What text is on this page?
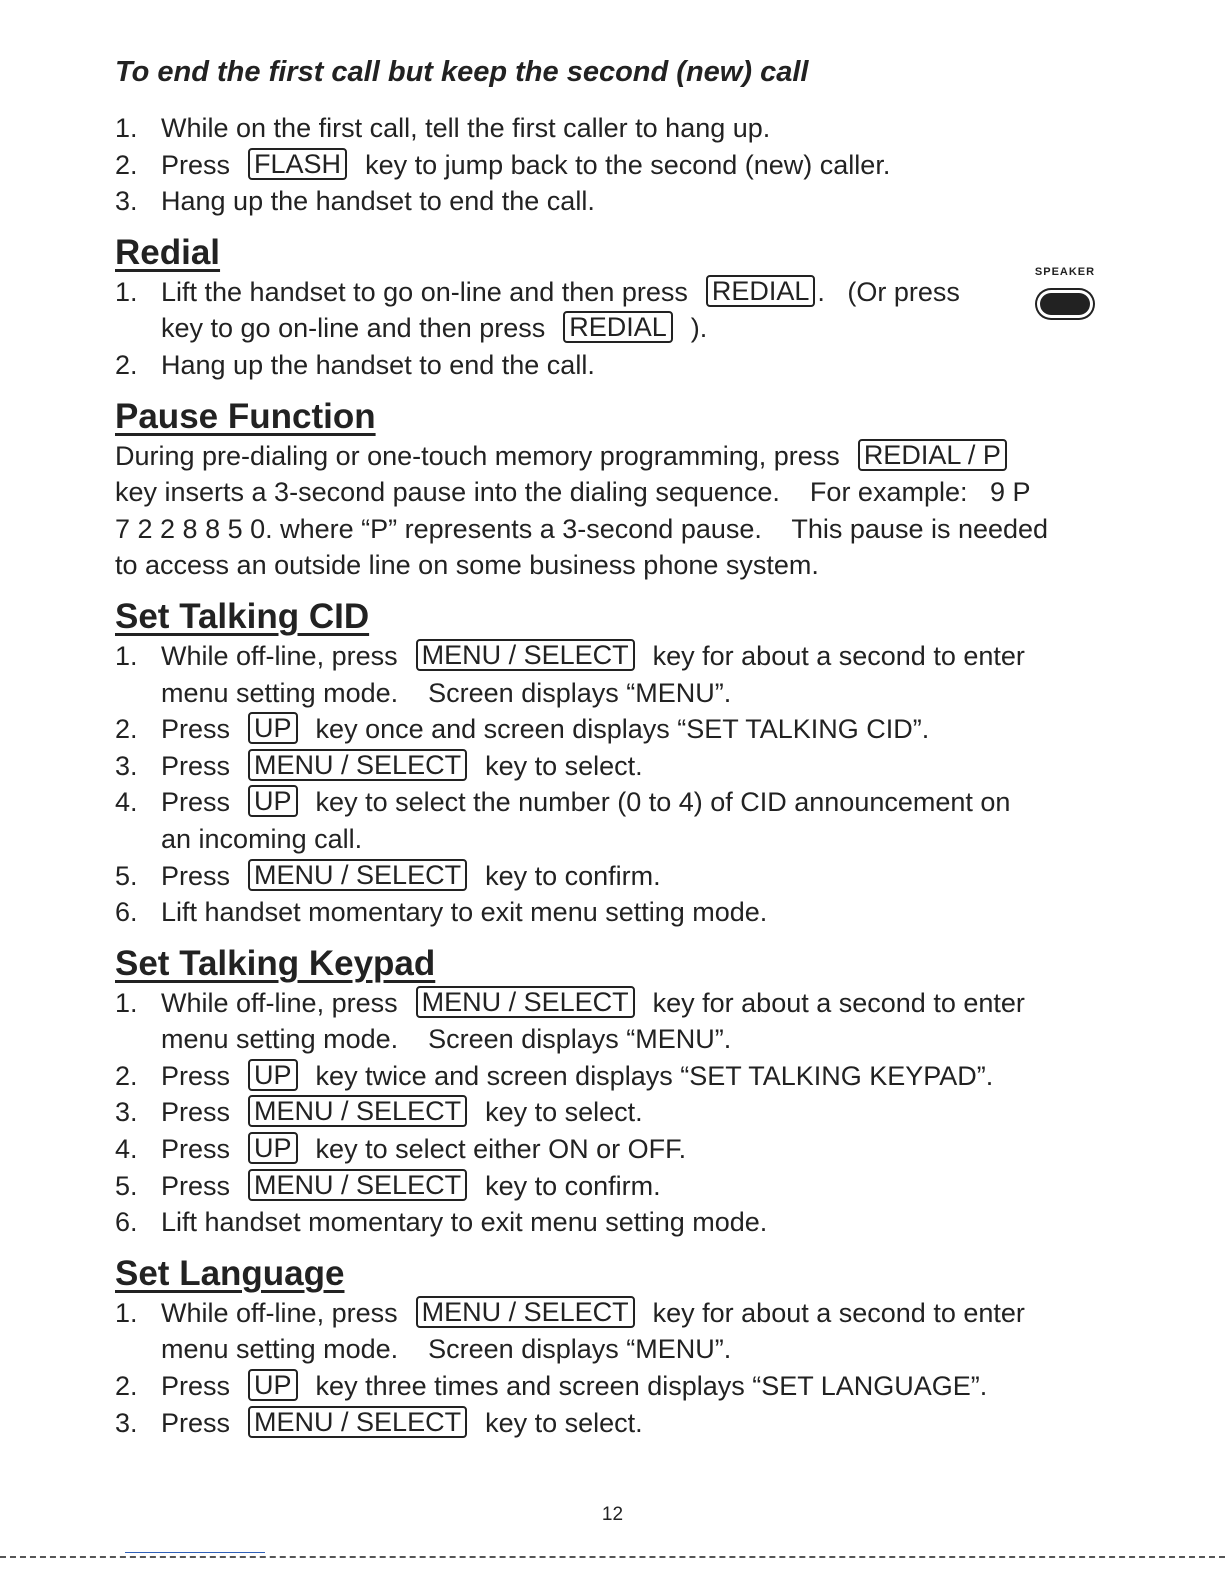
To end the first call but keep the second (new) call
1. While on the first call, tell the first caller to hang up.
2. Press FLASH key to jump back to the second (new) caller.
3. Hang up the handset to end the call.
Redial
1. Lift the handset to go on-line and then press REDIAL .   (Or press
SPEAKER
key to go on-line and then press REDIAL ).
2. Hang up the handset to end the call.
Pause Function
During pre-dialing or one-touch memory programming, press REDIAL / P
key inserts a 3-second pause into the dialing sequence.    For example:   9 P
7 2 2 8 8 5 0. where “P” represents a 3-second pause.    This pause is needed
to access an outside line on some business phone system.
Set Talking CID
1. While off-line, press MENU / SELECT key for about a second to enter
menu setting mode.    Screen displays “MENU”.
2. Press UP key once and screen displays “SET TALKING CID”.
3. Press MENU / SELECT key to select.
4. Press UP key to select the number (0 to 4) of CID announcement on
an incoming call.
5. Press MENU / SELECT key to confirm.
6. Lift handset momentary to exit menu setting mode.
Set Talking Keypad
1. While off-line, press MENU / SELECT key for about a second to enter
menu setting mode.    Screen displays “MENU”.
2. Press UP key twice and screen displays “SET TALKING KEYPAD”.
3. Press MENU / SELECT key to select.
4. Press UP key to select either ON or OFF.
5. Press MENU / SELECT key to confirm.
6. Lift handset momentary to exit menu setting mode.
Set Language
1. While off-line, press MENU / SELECT key for about a second to enter
menu setting mode.    Screen displays “MENU”.
2. Press UP key three times and screen displays “SET LANGUAGE”.
3. Press MENU / SELECT key to select.
12
